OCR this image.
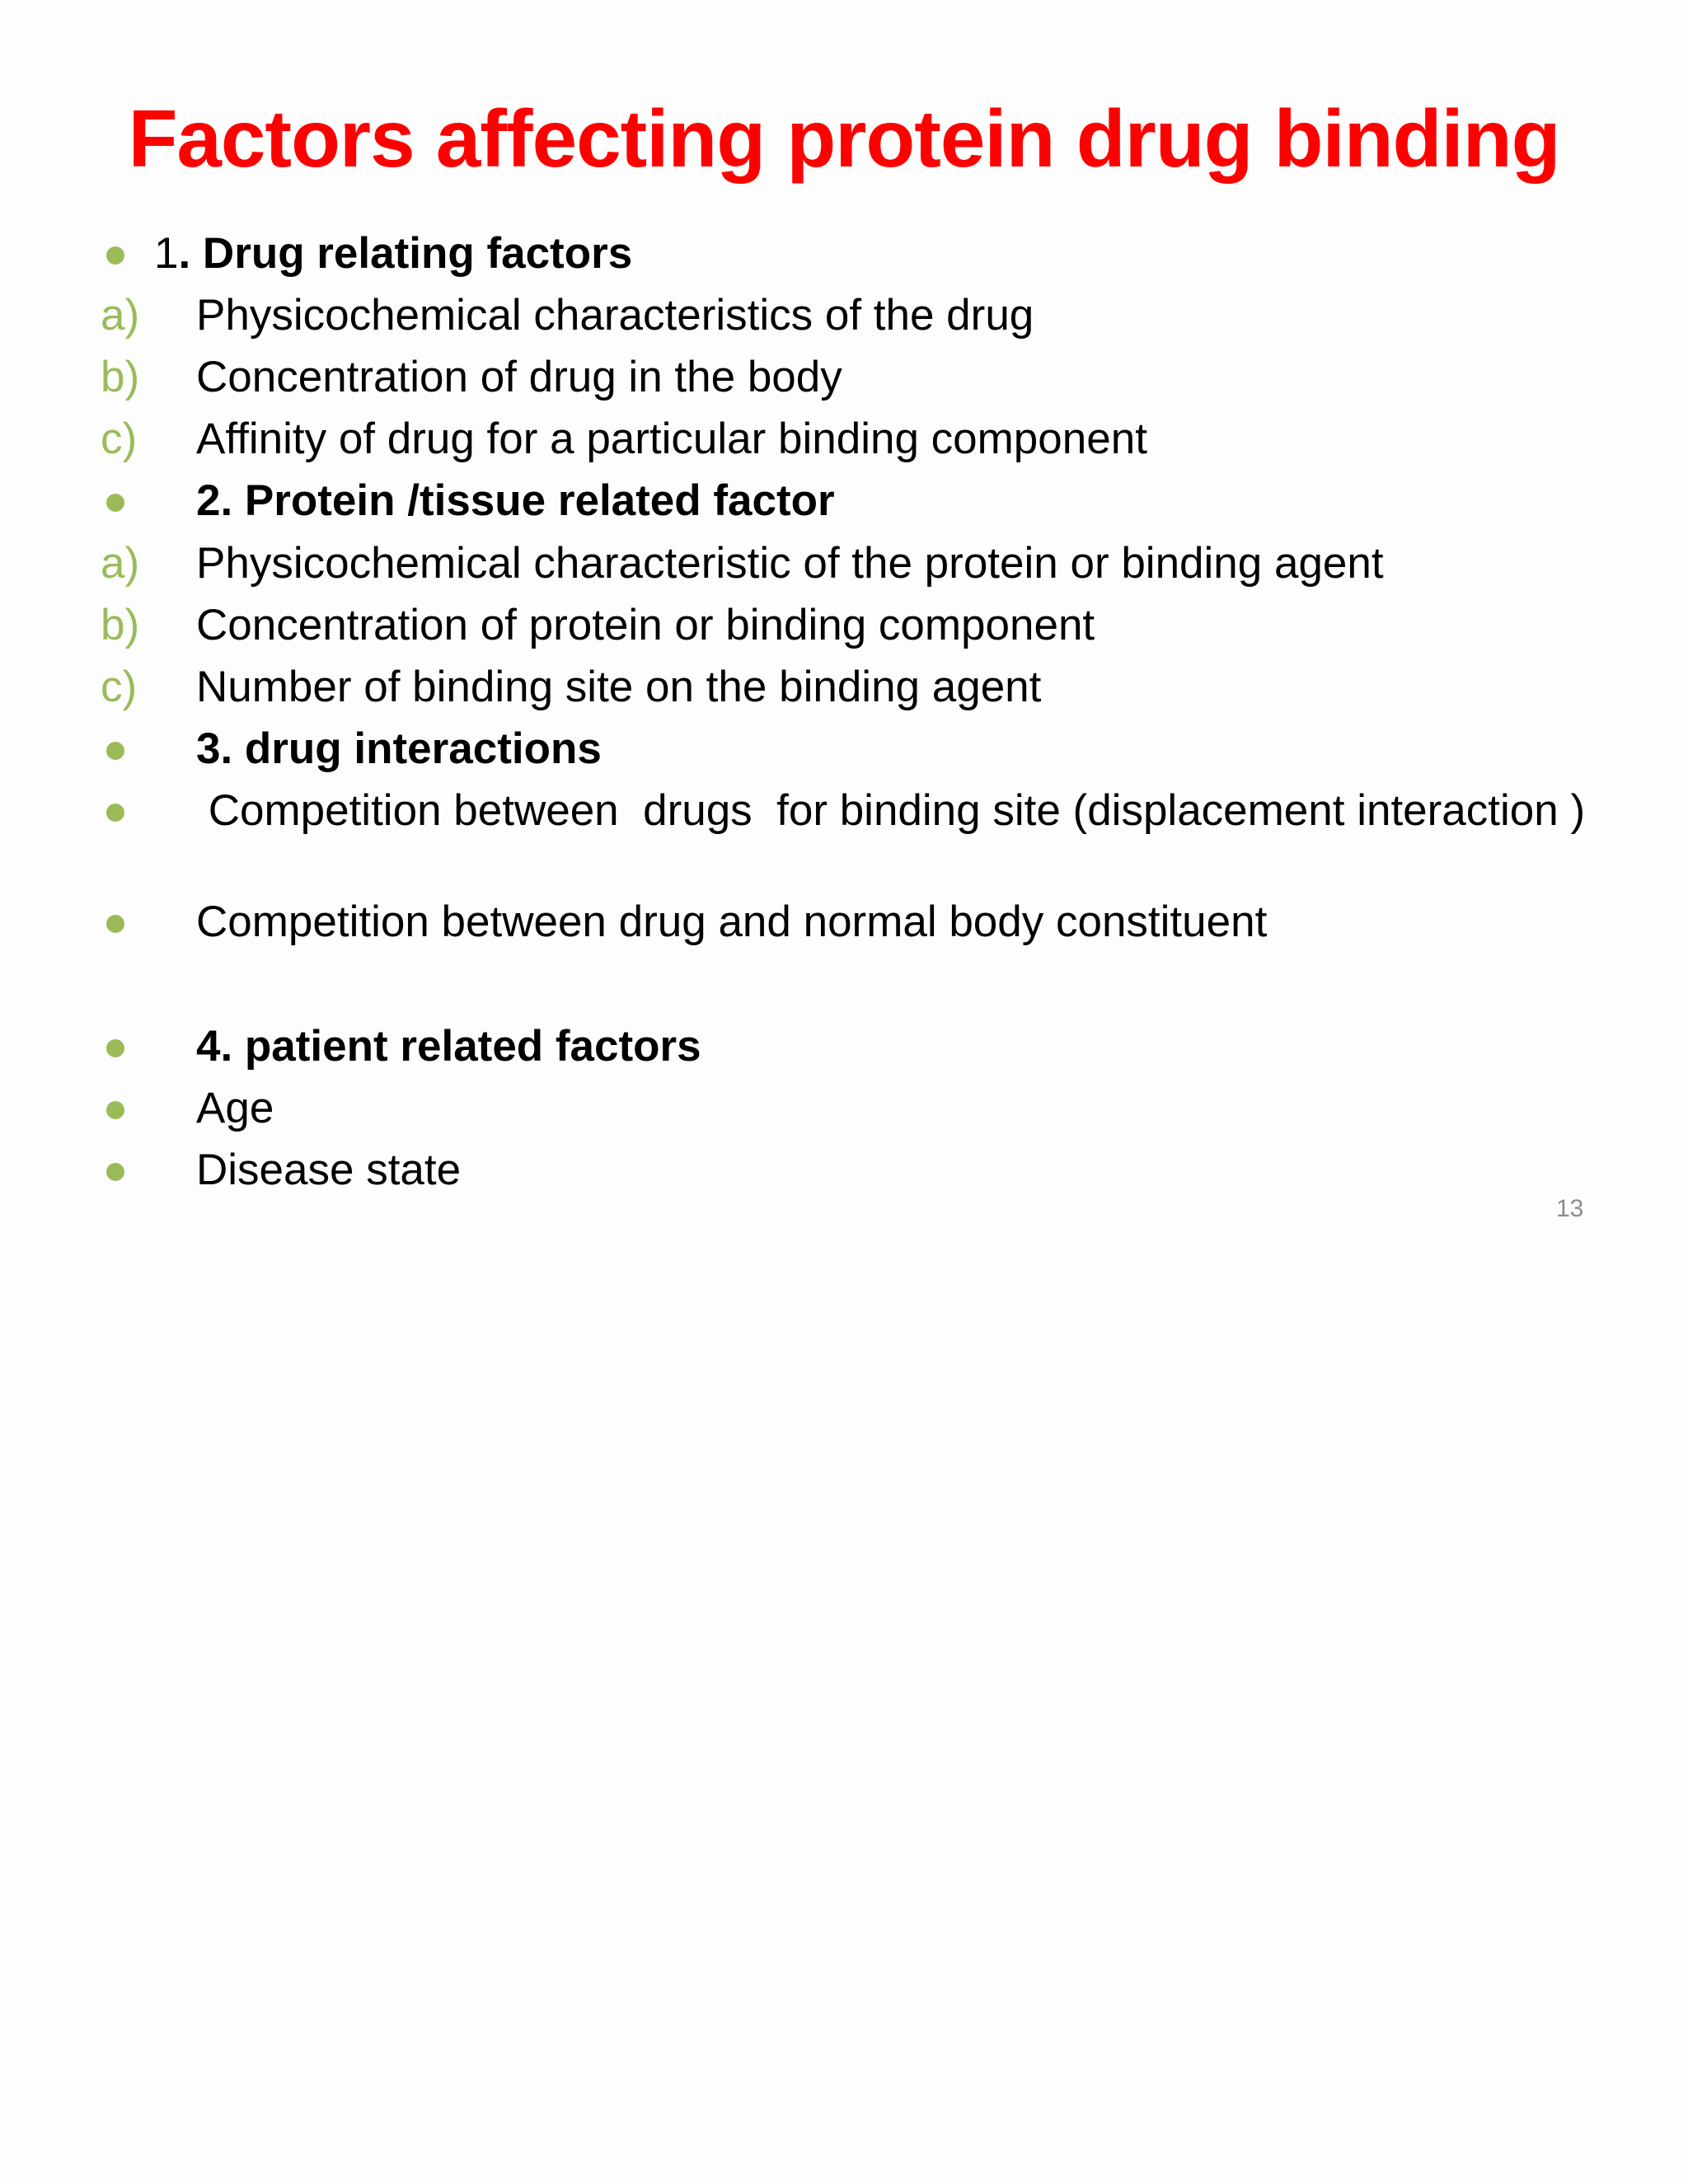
Factors affecting protein drug binding
1. Drug relating factors
a) Physicochemical characteristics of the drug
b) Concentration of drug in the body
c) Affinity of drug for a particular binding component
2. Protein /tissue related factor
a) Physicochemical characteristic of the protein or binding agent
b) Concentration of protein or binding component
c) Number of binding site on the binding agent
3. drug interactions
Competition between  drugs  for binding site (displacement interaction )
Competition between drug and normal body constituent
4. patient related factors
Age
Disease state
13
